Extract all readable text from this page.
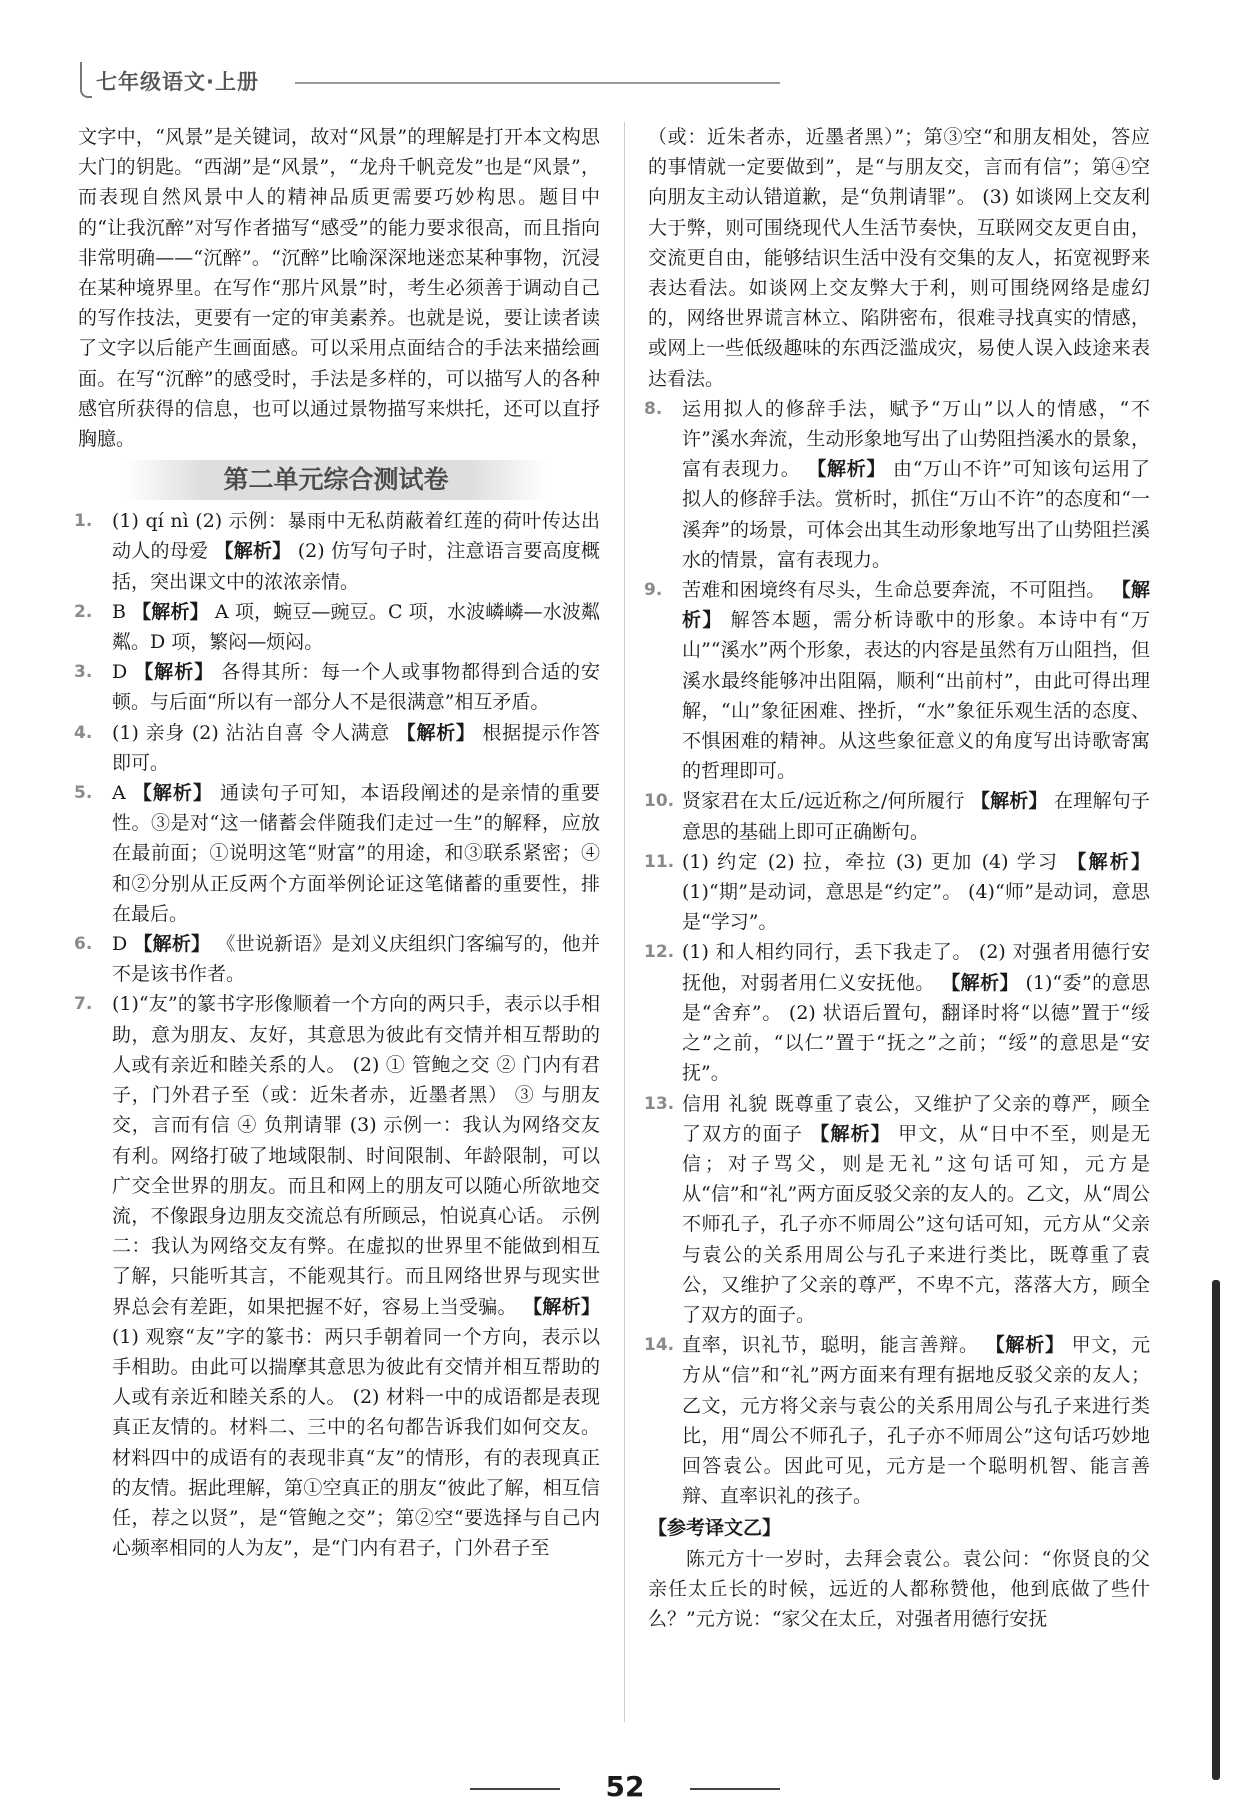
七年级语文·上册

文字中，“风景”是关键词，故对“风景”的理解是打开本文构思大门的钥匙。“西湖”是“风景”，“龙舟千帆竞发”也是“风景”，而表现自然风景中人的精神品质更需要巧妙构思。题目中的“让我沉醉”对写作者描写“感受”的能力要求很高，而且指向非常明确——“沉醉”。“沉醉”比喻深深地迷恋某种事物，沉浸在某种境界里。在写作“那片风景”时，考生必须善于调动自己的写作技法，更要有一定的审美素养。也就是说，要让读者读了文字以后能产生画面感。可以采用点面结合的手法来描绘画面。在写“沉醉”的感受时，手法是多样的，可以描写人的各种感官所获得的信息，也可以通过景物描写来烘托，还可以直抒胸臆。

第二单元综合测试卷
1. (1) qí nì (2) 示例：暴雨中无私荫蔽着红莲的荷叶传达出动人的母爱 【解析】 (2) 仿写句子时，注意语言要高度概括，突出课文中的浓浓亲情。
2. B 【解析】 A 项，蜿豆—豌豆。C 项，水波嶙嶙—水波粼粼。D 项，繁闷—烦闷。
3. D 【解析】 各得其所：每一个人或事物都得到合适的安顿。与后面“所以有一部分人不是很满意”相互矛盾。
4. (1) 亲身 (2) 沾沾自喜 令人满意 【解析】 根据提示作答即可。
5. A 【解析】 通读句子可知，本语段阐述的是亲情的重要性。③是对“这一储蓄会伴随我们走过一生”的解释，应放在最前面；①说明这笔“财富”的用途，和③联系紧密；④和②分别从正反两个方面举例论证这笔储蓄的重要性，排在最后。
6. D 【解析】 《世说新语》是刘义庆组织门客编写的，他并不是该书作者。
7. (1)“友”的篆书字形像顺着一个方向的两只手，表示以手相助，意为朋友、友好，其意思为彼此有交情并相互帮助的人或有亲近和睦关系的人。 (2) ① 管鲍之交 ② 门内有君子，门外君子至（或：近朱者赤，近墨者黑） ③ 与朋友交，言而有信 ④ 负荆请罪 (3) 示例一：我认为网络交友有利。网络打破了地域限制、时间限制、年龄限制，可以广交全世界的朋友。而且和网上的朋友可以随心所欲地交流，不像跟身边朋友交流总有所顾忌，怕说真心话。 示例二：我认为网络交友有弊。在虚拟的世界里不能做到相互了解，只能听其言，不能观其行。而且网络世界与现实世界总会有差距，如果把握不好，容易上当受骗。 【解析】 (1) 观察“友”字的篆书：两只手朝着同一个方向，表示以手相助。由此可以揣摩其意思为彼此有交情并相互帮助的人或有亲近和睦关系的人。 (2) 材料一中的成语都是表现真正友情的。材料二、三中的名句都告诉我们如何交友。材料四中的成语有的表现非真“友”的情形，有的表现真正的友情。据此理解，第①空真正的朋友“彼此了解，相互信任，荐之以贤”，是“管鲍之交”；第②空“要选择与自己内心频率相同的人为友”，是“门内有君子，门外君子至

（或：近朱者赤，近墨者黑）”；第③空“和朋友相处，答应的事情就一定要做到”，是“与朋友交，言而有信”；第④空向朋友主动认错道歉，是“负荆请罪”。 (3) 如谈网上交友利大于弊，则可围绕现代人生活节奏快，互联网交友更自由，交流更自由，能够结识生活中没有交集的友人，拓宽视野来表达看法。如谈网上交友弊大于利，则可围绕网络是虚幻的，网络世界谎言林立、陷阱密布，很难寻找真实的情感，或网上一些低级趣味的东西泛滥成灾，易使人误入歧途来表达看法。

8. 运用拟人的修辞手法，赋予“万山”以人的情感，“不许”溪水奔流，生动形象地写出了山势阻挡溪水的景象，富有表现力。 【解析】 由“万山不许”可知该句运用了拟人的修辞手法。赏析时，抓住“万山不许”的态度和“一溪奔”的场景，可体会出其生动形象地写出了山势阻拦溪水的情景，富有表现力。
9. 苦难和困境终有尽头，生命总要奔流，不可阻挡。 【解析】 解答本题，需分析诗歌中的形象。本诗中有“万山”“溪水”两个形象，表达的内容是虽然有万山阻挡，但溪水最终能够冲出阻隔，顺利“出前村”，由此可得出理解，“山”象征困难、挫折，“水”象征乐观生活的态度、不惧困难的精神。从这些象征意义的角度写出诗歌寄寓的哲理即可。
10. 贤家君在太丘/远近称之/何所履行 【解析】 在理解句子意思的基础上即可正确断句。
11. (1) 约定 (2) 拉，牵拉 (3) 更加 (4) 学习 【解析】 (1)“期”是动词，意思是“约定”。 (4)“师”是动词，意思是“学习”。
12. (1) 和人相约同行，丢下我走了。 (2) 对强者用德行安抚他，对弱者用仁义安抚他。 【解析】 (1)“委”的意思是“舍弃”。 (2) 状语后置句，翻译时将“以德”置于“绥之”之前，“以仁”置于“抚之”之前；“绥”的意思是“安抚”。
13. 信用 礼貌 既尊重了袁公，又维护了父亲的尊严，顾全了双方的面子 【解析】 甲文，从“日中不至，则是无信；对子骂父，则是无礼”这句话可知，元方是从“信”和“礼”两方面反驳父亲的友人的。乙文，从“周公不师孔子，孔子亦不师周公”这句话可知，元方从“父亲与袁公的关系用周公与孔子来进行类比，既尊重了袁公，又维护了父亲的尊严，不卑不亢，落落大方，顾全了双方的面子。
14. 直率，识礼节，聪明，能言善辩。 【解析】 甲文，元方从“信”和“礼”两方面来有理有据地反驳父亲的友人；乙文，元方将父亲与袁公的关系用周公与孔子来进行类比，用“周公不师孔子，孔子亦不师周公”这句话巧妙地回答袁公。因此可见，元方是一个聪明机智、能言善辩、直率识礼的孩子。
【参考译文乙】

陈元方十一岁时，去拜会袁公。袁公问：“你贤良的父亲任太丘长的时候，远近的人都称赞他，他到底做了些什么？”元方说：“家父在太丘，对强者用德行安抚

52
